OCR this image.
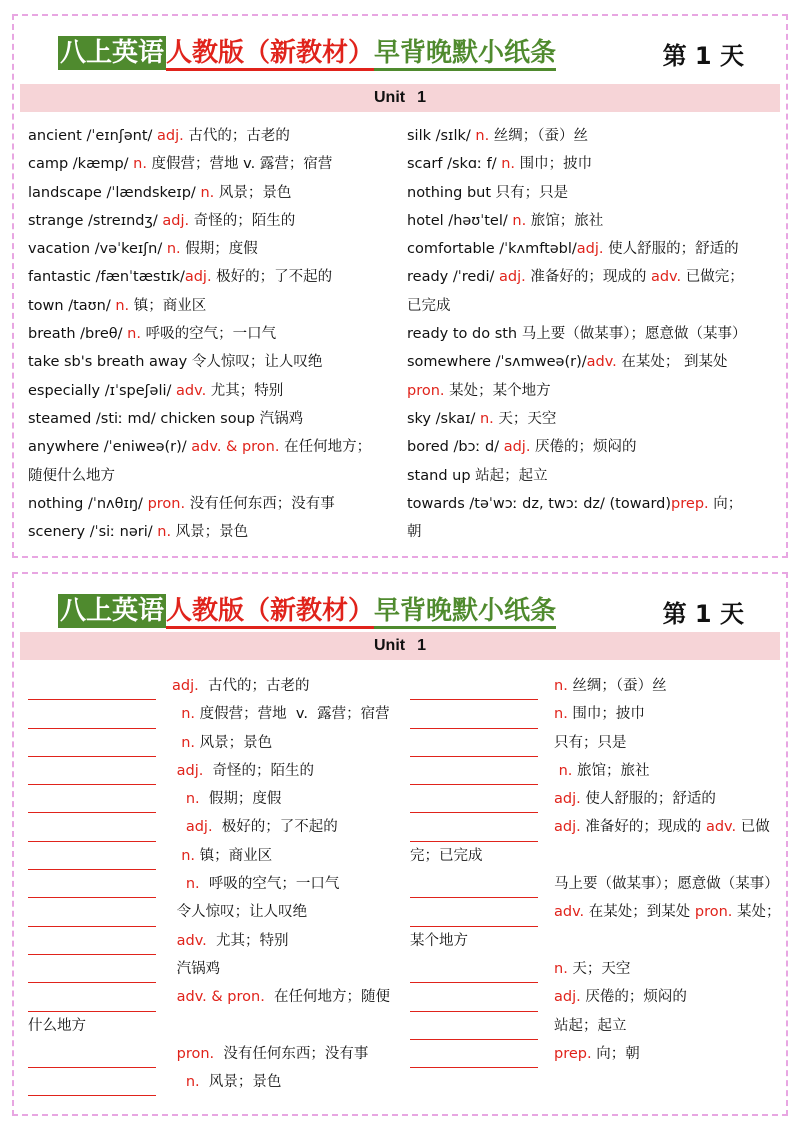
八上英语人教版（新教材）早背晚默小纸条	第 1 天
Unit 1
ancient /ˈeɪnʃənt/ adj. 古代的；古老的
camp /kæmp/ n. 度假营；营地 v. 露营；宿营
landscape /ˈlændskeɪp/ n. 风景；景色
strange /streɪndʒ/ adj. 奇怪的；陌生的
vacation /vəˈkeɪʃn/ n. 假期；度假
fantastic /fænˈtæstɪk/adj. 极好的；了不起的
town /taʊn/ n. 镇；商业区
breath /breθ/ n. 呼吸的空气；一口气
take sb's breath away 令人惊叹；让人叹绝
especially /ɪˈspeʃəli/ adv. 尤其；特别
steamed /stiː md/ chicken soup 汽锅鸡
anywhere /ˈeniweə(r)/ adv. & pron. 在任何地方；
随便什么地方
nothing /ˈnʌθɪŋ/ pron. 没有任何东西；没有事
scenery /ˈsiː nəri/ n. 风景；景色
silk /sɪlk/ n. 丝绸；（蚕）丝
scarf /skɑː f/ n. 围巾；披巾
nothing but 只有；只是
hotel /həʊˈtel/ n. 旅馆；旅社
comfortable /ˈkʌmftəbl/adj. 使人舒服的；舒适的
ready /ˈredi/ adj. 准备好的；现成的 adv. 已做完；
已完成
ready to do sth 马上要（做某事）；愿意做（某事）
somewhere /ˈsʌmweə(r)/adv. 在某处； 到某处
pron. 某处；某个地方
sky /skaɪ/ n. 天；天空
bored /bɔː d/ adj. 厌倦的；烦闷的
stand up 站起；起立
towards /təˈwɔː dz, twɔː dz/ (toward)prep. 向；
朝
八上英语人教版（新教材）早背晚默小纸条	第 1 天
Unit 1
adj.  古代的；古老的
n. 度假营；营地  v.  露营；宿营
n. 风景；景色
adj.  奇怪的；陌生的
n.  假期；度假
adj.  极好的；了不起的
n. 镇；商业区
n.  呼吸的空气；一口气
令人惊叹；让人叹绝
adv.  尤其；特别
汽锅鸡
adv. & pron.  在任何地方；随便
什么地方
pron.  没有任何东西；没有事
n.  风景；景色
n. 丝绸；（蚕）丝
n. 围巾；披巾
只有；只是
n. 旅馆；旅社
adj. 使人舒服的；舒适的
adj. 准备好的；现成的 adv. 已做
完；已完成
马上要（做某事）；愿意做（某事）
adv. 在某处；到某处 pron. 某处；
某个地方
n. 天；天空
adj. 厌倦的；烦闷的
站起；起立
prep. 向；朝
